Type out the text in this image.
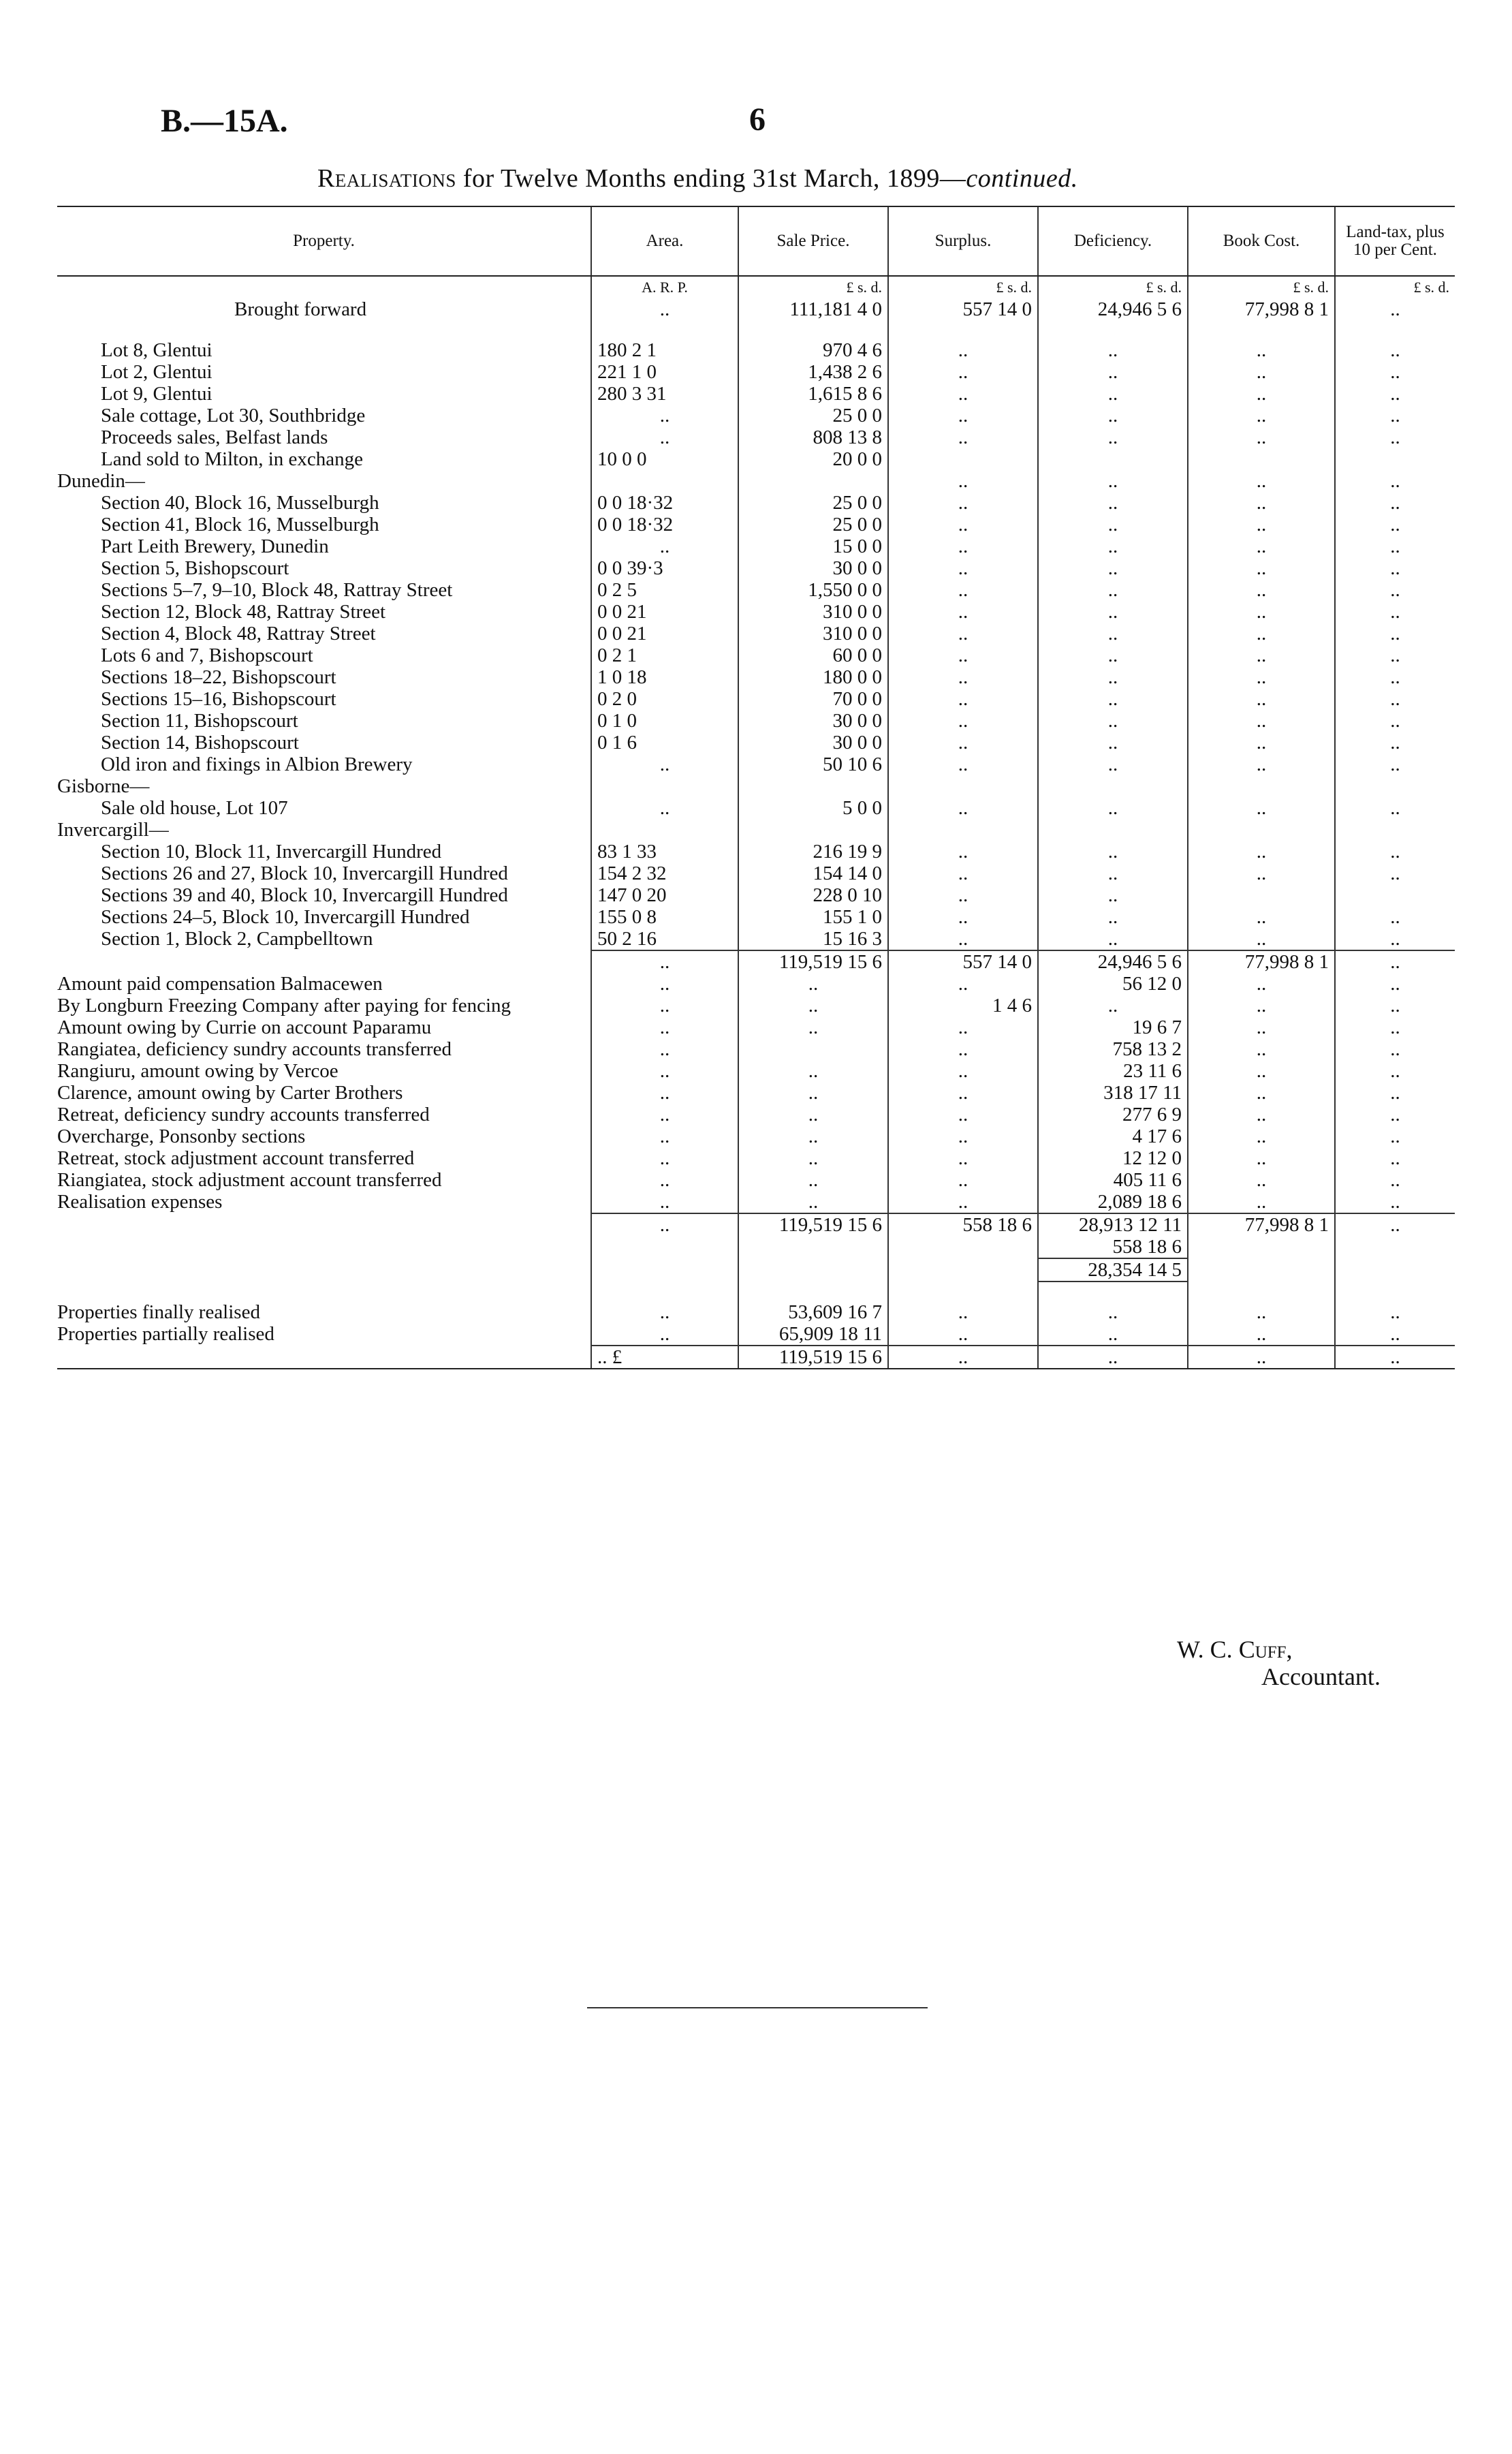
B.—15A.	6
Realisations for Twelve Months ending 31st March, 1899—continued.
Property.	Area.	Sale Price.	Surplus.	Deficiency.	Book Cost.	Land-tax, plus 10 per Cent.
	A. R. P.	£ s. d.	£ s. d.	£ s. d.	£ s. d.	£ s. d.
Brought forward	..	111,181 4 0	557 14 0	24,946 5 6	77,998 8 1	..

Lot 8, Glentui	180 2 1	970 4 6	..	..	..	..
Lot 2, Glentui	221 1 0	1,438 2 6	..	..	..	..
Lot 9, Glentui	280 3 31	1,615 8 6	..	..	..	..
Sale cottage, Lot 30, Southbridge	..	25 0 0	..	..	..	..
Proceeds sales, Belfast lands	..	808 13 8	..	..	..	..
Land sold to Milton, in exchange	10 0 0	20 0 0				
Dunedin—			..	..	..	..
Section 40, Block 16, Musselburgh	0 0 18·32	25 0 0	..	..	..	..
Section 41, Block 16, Musselburgh	0 0 18·32	25 0 0	..	..	..	..
Part Leith Brewery, Dunedin	..	15 0 0	..	..	..	..
Section 5, Bishopscourt	0 0 39·3	30 0 0	..	..	..	..
Sections 5–7, 9–10, Block 48, Rattray Street	0 2 5	1,550 0 0	..	..	..	..
Section 12, Block 48, Rattray Street	0 0 21	310 0 0	..	..	..	..
Section 4, Block 48, Rattray Street	0 0 21	310 0 0	..	..	..	..
Lots 6 and 7, Bishopscourt	0 2 1	60 0 0	..	..	..	..
Sections 18–22, Bishopscourt	1 0 18	180 0 0	..	..	..	..
Sections 15–16, Bishopscourt	0 2 0	70 0 0	..	..	..	..
Section 11, Bishopscourt	0 1 0	30 0 0	..	..	..	..
Section 14, Bishopscourt	0 1 6	30 0 0	..	..	..	..
Old iron and fixings in Albion Brewery	..	50 10 6	..	..	..	..
Gisborne—						
Sale old house, Lot 107	..	5 0 0	..	..	..	..
Invercargill—						
Section 10, Block 11, Invercargill Hundred	83 1 33	216 19 9	..	..	..	..
Sections 26 and 27, Block 10, Invercargill Hundred	154 2 32	154 14 0	..	..	..	..
Sections 39 and 40, Block 10, Invercargill Hundred	147 0 20	228 0 10	..	..		
Sections 24–5, Block 10, Invercargill Hundred	155 0 8	155 1 0	..	..	..	..
Section 1, Block 2, Campbelltown	50 2 16	15 16 3	..	..	..	..
	..	119,519 15 6	557 14 0	24,946 5 6	77,998 8 1	..
Amount paid compensation Balmacewen	..	..	..	56 12 0	..	..
By Longburn Freezing Company after paying for fencing	..	..	1 4 6	..	..	..
Amount owing by Currie on account Paparamu	..	..	..	19 6 7	..	..
Rangiatea, deficiency sundry accounts transferred	..		..	758 13 2	..	..
Rangiuru, amount owing by Vercoe	..	..	..	23 11 6	..	..
Clarence, amount owing by Carter Brothers	..	..	..	318 17 11	..	..
Retreat, deficiency sundry accounts transferred	..	..	..	277 6 9	..	..
Overcharge, Ponsonby sections	..	..	..	4 17 6	..	..
Retreat, stock adjustment account transferred	..	..	..	12 12 0	..	..
Riangiatea, stock adjustment account transferred	..	..	..	405 11 6	..	..
Realisation expenses	..	..	..	2,089 18 6	..	..
	..	119,519 15 6	558 18 6	28,913 12 11	77,998 8 1	..
				558 18 6		
				28,354 14 5		

Properties finally realised	..	53,609 16 7	..	..	..	..
Properties partially realised	..	65,909 18 11	..	..	..	..
	.. £	119,519 15 6	..	..	..	..
W. C. Cuff,
Accountant.
